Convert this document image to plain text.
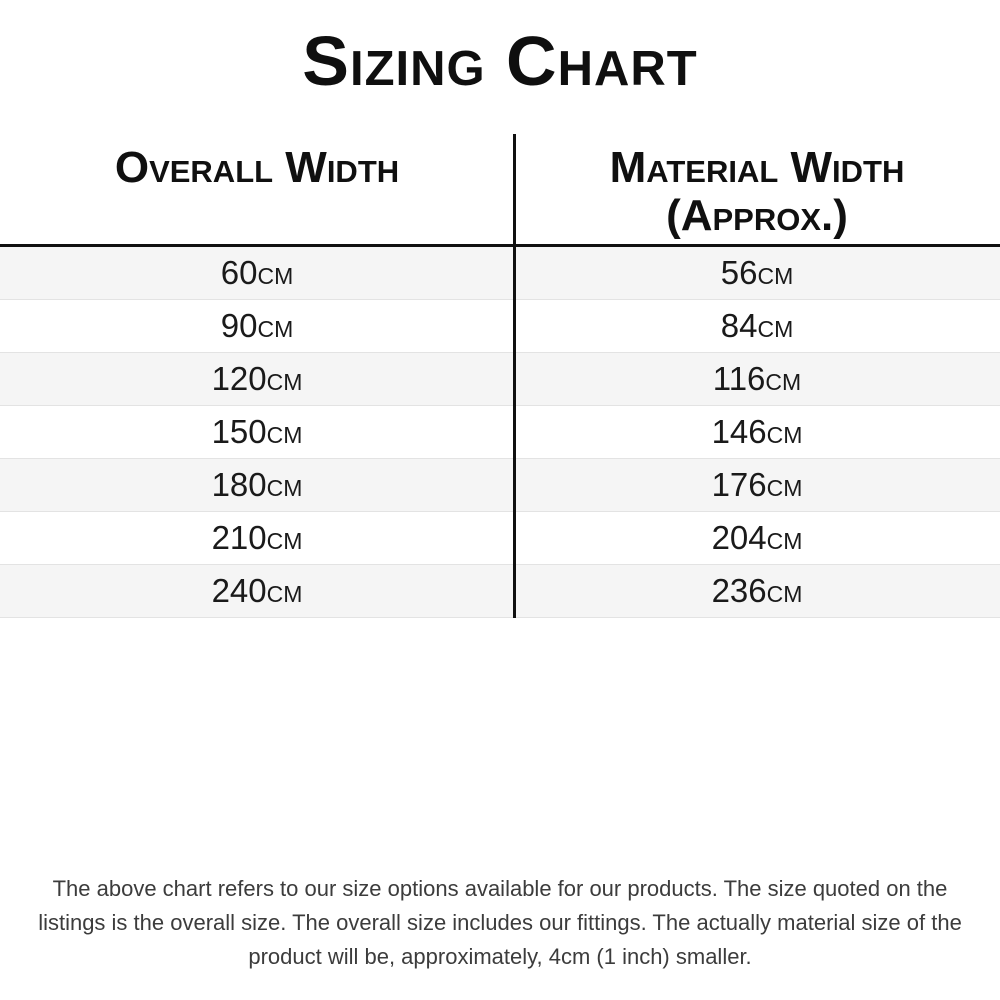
Sizing Chart
Overall Width	Material Width
(Approx.)
60cm	56cm
90cm	84cm
120cm	116cm
150cm	146cm
180cm	176cm
210cm	204cm
240cm	236cm

The above chart refers to our size options available for our products. The size quoted on the listings is the overall size. The overall size includes our fittings. The actually material size of the product will be, approximately, 4cm (1 inch) smaller.
